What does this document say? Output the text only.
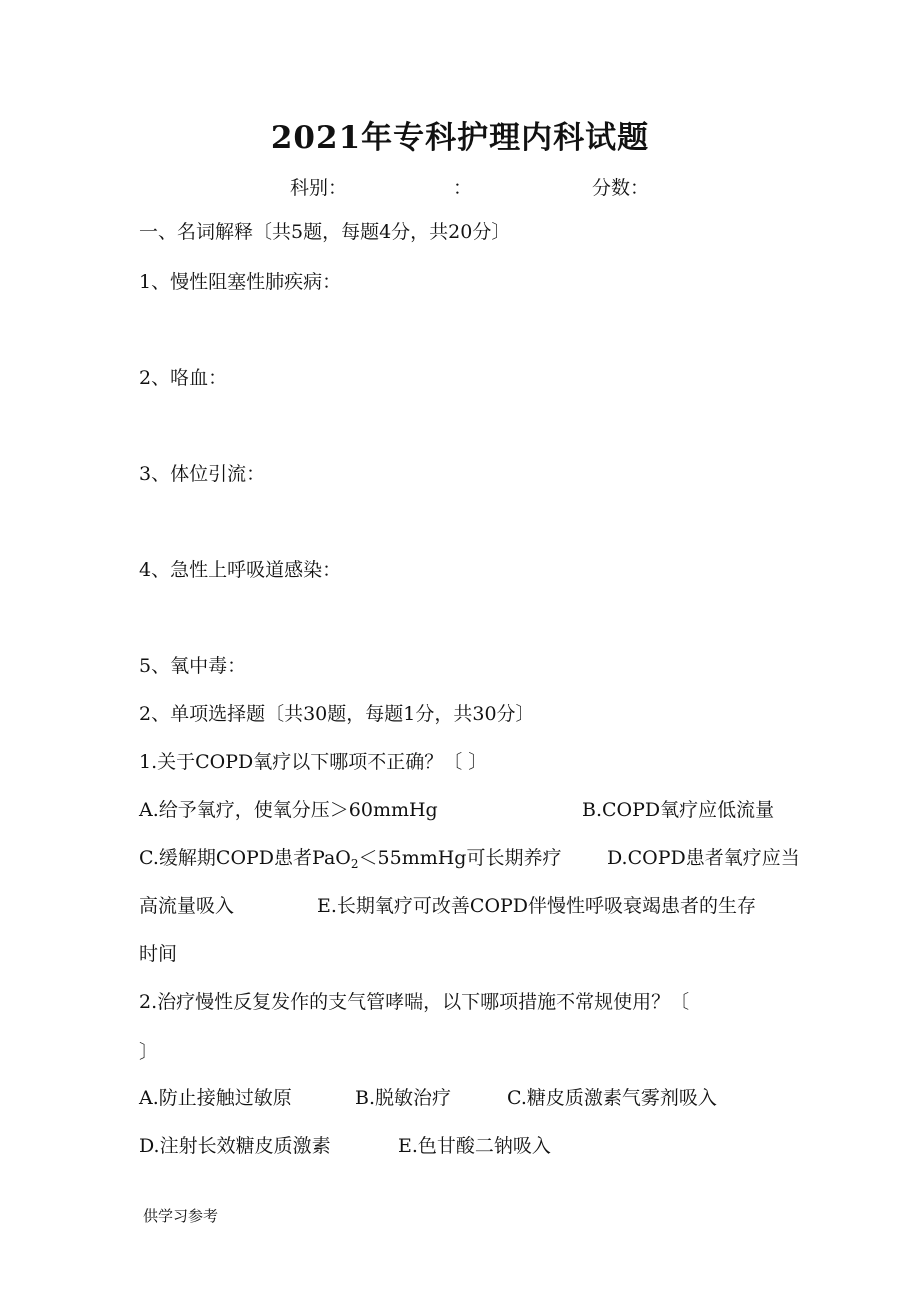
2021年专科护理内科试题
科别：	：	分数：
一、名词解释〔共5题，每题4分，共20分〕
1、慢性阻塞性肺疾病：
2、咯血：
3、体位引流：
4、急性上呼吸道感染：
5、氧中毒：
2、单项选择题〔共30题，每题1分，共30分〕
1.关于COPD氧疗以下哪项不正确？〔 〕
A.给予氧疗，使氧分压＞60mmHg	B.COPD氧疗应低流量
C.缓解期COPD患者PaO$_2$＜55mmHg可长期养疗 D.COPD患者氧疗应当
高流量吸入	E.长期氧疗可改善COPD伴慢性呼吸衰竭患者的生存
时间
2.治疗慢性反复发作的支气管哮喘，以下哪项措施不常规使用？〔
〕
A.防止接触过敏原	B.脱敏治疗	C.糖皮质激素气雾剂吸入
D.注射长效糖皮质激素	E.色甘酸二钠吸入
供学习参考
